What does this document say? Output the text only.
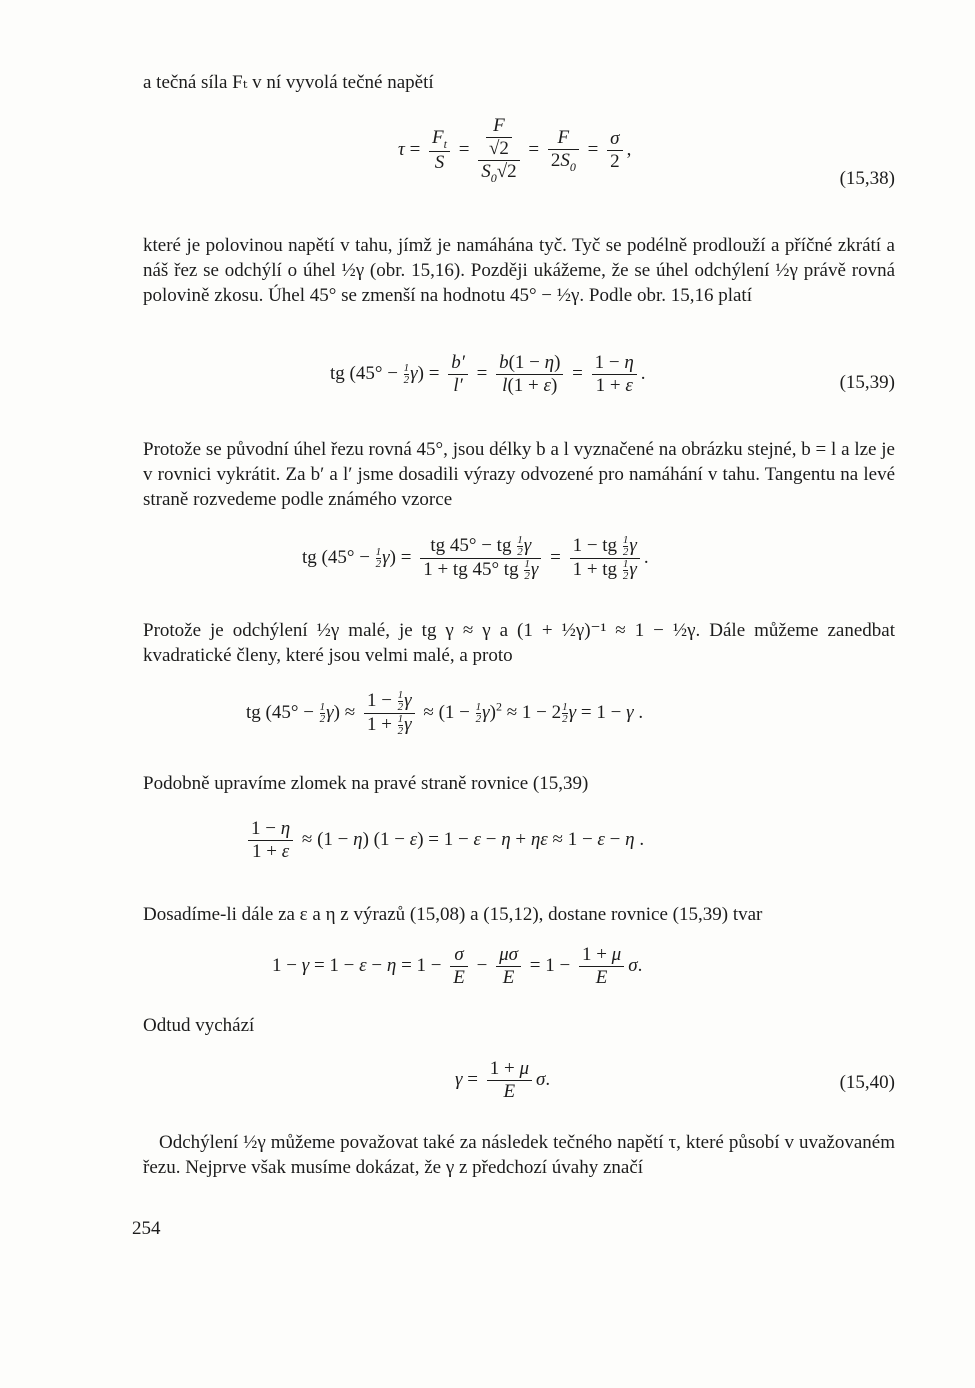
a tečná síla Fₜ v ní vyvolá tečné napětí

$\tau = \frac{F_t}{S} = \frac{\frac{F}{√2}}{S_0√2} = \frac{F}{2S_0} = \frac{\sigma}{2}$ ,
(15,38)

které je polovinou napětí v tahu, jímž je namáhána tyč. Tyč se podélně prodlouží a příčné zkrátí a náš řez se odchýlí o úhel ½γ (obr. 15,16). Později ukážeme, že se úhel odchýlení ½γ právě rovná polovině zkosu. Úhel 45° se zmenší na hodnotu 45° − ½γ. Podle obr. 15,16 platí

tg $(45^\circ - \frac{1}{2} \gamma) = \frac{b'}{l'} = \frac{b(1 - \eta)}{l(1 + \varepsilon)} = \frac{1 - \eta}{1 + \varepsilon}$ .	(15,39)

Protože se původní úhel řezu rovná 45°, jsou délky b a l vyznačené na obrázku stejné, b = l a lze je v rovnici vykrátit. Za b′ a l′ jsme dosadili výrazy odvozené pro namáhání v tahu. Tangentu na levé straně rozvedeme podle známého vzorce

tg $(45^\circ - \frac{1}{2} \gamma) = \frac{tg 45^\circ - tg \frac{1}{2} \gamma}{1 + tg 45^\circ tg \frac{1}{2} \gamma} = \frac{1 - tg \frac{1}{2} \gamma}{1 + tg \frac{1}{2} \gamma}$ .

Protože je odchýlení ½γ malé, je tg γ ≈ γ a (1 + ½γ)⁻¹ ≈ 1 − ½γ. Dále můžeme zanedbat kvadratické členy, které jsou velmi malé, a proto

tg $(45^\circ - \frac{1}{2} \gamma) \approx \frac{1 - \frac{1}{2} \gamma}{1 + \frac{1}{2} \gamma} \approx (1 - \frac{1}{2} \gamma)^2 \approx 1 - 2 \frac{1}{2}$ γ = 1 − γ .

Podobně upravíme zlomek na pravé straně rovnice (15,39)

$\frac{1 - \eta}{1 + \varepsilon} \approx (1 - \eta) (1 - \varepsilon) = 1 - \varepsilon - \eta + \eta\varepsilon \approx 1 - \varepsilon - \eta$ .

Dosadíme-li dále za ε a η z výrazů (15,08) a (15,12), dostane rovnice (15,39) tvar

$1 - \gamma = 1 - \varepsilon - \eta = 1 - \frac{\sigma}{E} - \frac{\mu\sigma}{E} = 1 - \frac{1 + \mu}{E} \sigma$.

Odtud vychází

$\gamma = \frac{1 + \mu}{E} \sigma$.	(15,40)

Odchýlení ½γ můžeme považovat také za následek tečného napětí τ, které působí v uvažovaném řezu. Nejprve však musíme dokázat, že γ z předchozí úvahy značí

254
